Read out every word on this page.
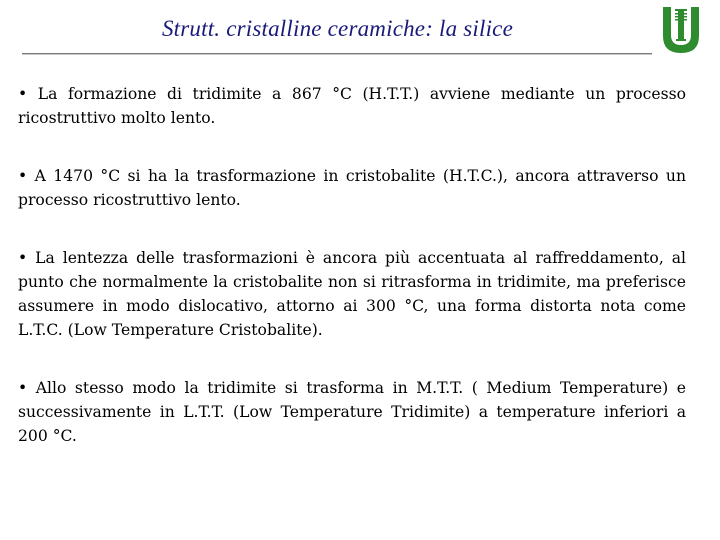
Strutt. cristalline ceramiche: la silice

• La formazione di tridimite a 867 °C (H.T.T.) avviene mediante un processo ricostruttivo molto lento.

• A 1470 °C si ha la trasformazione in cristobalite (H.T.C.), ancora attraverso un processo ricostruttivo lento.

• La lentezza delle trasformazioni è ancora più accentuata al raffreddamento, al punto che normalmente la cristobalite non si ritrasforma in tridimite, ma preferisce assumere in modo dislocativo, attorno ai 300 °C, una forma distorta nota come L.T.C. (Low Temperature Cristobalite).

• Allo stesso modo la tridimite si trasforma in M.T.T. ( Medium Temperature) e successivamente in L.T.T. (Low Temperature Tridimite) a temperature inferiori a 200 °C.
